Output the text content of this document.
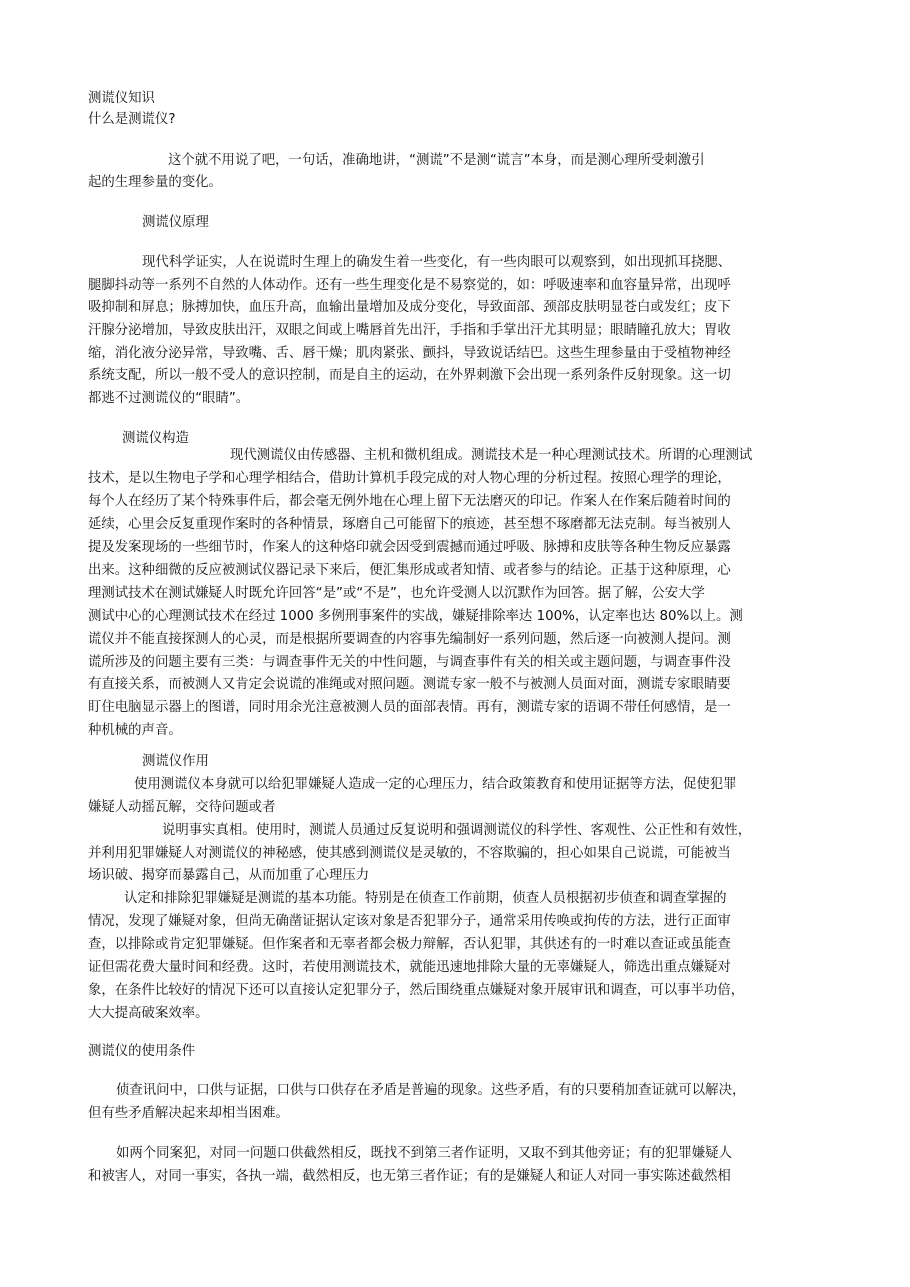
测谎仪知识
什么是测谎仪?
这个就不用说了吧，一句话，准确地讲，“测谎”不是测“谎言”本身，而是测心理所受刺激引
起的生理参量的变化。
测谎仪原理
现代科学证实，人在说谎时生理上的确发生着一些变化，有一些肉眼可以观察到，如出现抓耳挠腮、
腿脚抖动等一系列不自然的人体动作。还有一些生理变化是不易察觉的，如：呼吸速率和血容量异常，出现呼
吸抑制和屏息；脉搏加快，血压升高，血输出量增加及成分变化，导致面部、颈部皮肤明显苍白或发红；皮下
汗腺分泌增加，导致皮肤出汗，双眼之间或上嘴唇首先出汗，手指和手掌出汗尤其明显；眼睛瞳孔放大；胃收
缩，消化液分泌异常，导致嘴、舌、唇干燥；肌肉紧张、颤抖，导致说话结巴。这些生理参量由于受植物神经
系统支配，所以一般不受人的意识控制，而是自主的运动，在外界刺激下会出现一系列条件反射现象。这一切
都逃不过测谎仪的“眼睛”。
测谎仪构造
现代测谎仪由传感器、主机和微机组成。测谎技术是一种心理测试技术。所谓的心理测试
技术，是以生物电子学和心理学相结合，借助计算机手段完成的对人物心理的分析过程。按照心理学的理论，
每个人在经历了某个特殊事件后，都会毫无例外地在心理上留下无法磨灭的印记。作案人在作案后随着时间的
延续，心里会反复重现作案时的各种情景，琢磨自己可能留下的痕迹，甚至想不琢磨都无法克制。每当被别人
提及发案现场的一些细节时，作案人的这种烙印就会因受到震撼而通过呼吸、脉搏和皮肤等各种生物反应暴露
出来。这种细微的反应被测试仪器记录下来后，便汇集形成或者知情、或者参与的结论。正基于这种原理，心
理测试技术在测试嫌疑人时既允许回答“是”或“不是”，也允许受测人以沉默作为回答。据了解，公安大学
测试中心的心理测试技术在经过 1000 多例刑事案件的实战，嫌疑排除率达 100%，认定率也达 80%以上。测
谎仪并不能直接探测人的心灵，而是根据所要调查的内容事先编制好一系列问题，然后逐一向被测人提问。测
谎所涉及的问题主要有三类：与调查事件无关的中性问题，与调查事件有关的相关或主题问题，与调查事件没
有直接关系，而被测人又肯定会说谎的准绳或对照问题。测谎专家一般不与被测人员面对面，测谎专家眼睛要
盯住电脑显示器上的图谱，同时用余光注意被测人员的面部表情。再有，测谎专家的语调不带任何感情，是一
种机械的声音。
测谎仪作用
使用测谎仪本身就可以给犯罪嫌疑人造成一定的心理压力，结合政策教育和使用证据等方法，促使犯罪
嫌疑人动摇瓦解，交待问题或者
说明事实真相。使用时，测谎人员通过反复说明和强调测谎仪的科学性、客观性、公正性和有效性，
并利用犯罪嫌疑人对测谎仪的神秘感，使其感到测谎仪是灵敏的，不容欺骗的，担心如果自己说谎，可能被当
场识破、揭穿而暴露自己，从而加重了心理压力
认定和排除犯罪嫌疑是测谎的基本功能。特别是在侦查工作前期，侦查人员根据初步侦查和调查掌握的
情况，发现了嫌疑对象，但尚无确凿证据认定该对象是否犯罪分子，通常采用传唤或拘传的方法，进行正面审
查，以排除或肯定犯罪嫌疑。但作案者和无辜者都会极力辩解，否认犯罪，其供述有的一时难以查证或虽能查
证但需花费大量时间和经费。这时，若使用测谎技术，就能迅速地排除大量的无辜嫌疑人，筛选出重点嫌疑对
象，在条件比较好的情况下还可以直接认定犯罪分子，然后围绕重点嫌疑对象开展审讯和调查，可以事半功倍，
大大提高破案效率。
测谎仪的使用条件
侦查讯问中，口供与证据，口供与口供存在矛盾是普遍的现象。这些矛盾，有的只要稍加查证就可以解决，
但有些矛盾解决起来却相当困难。
如两个同案犯，对同一问题口供截然相反，既找不到第三者作证明，又取不到其他旁证；有的犯罪嫌疑人
和被害人，对同一事实，各执一端，截然相反，也无第三者作证；有的是嫌疑人和证人对同一事实陈述截然相
